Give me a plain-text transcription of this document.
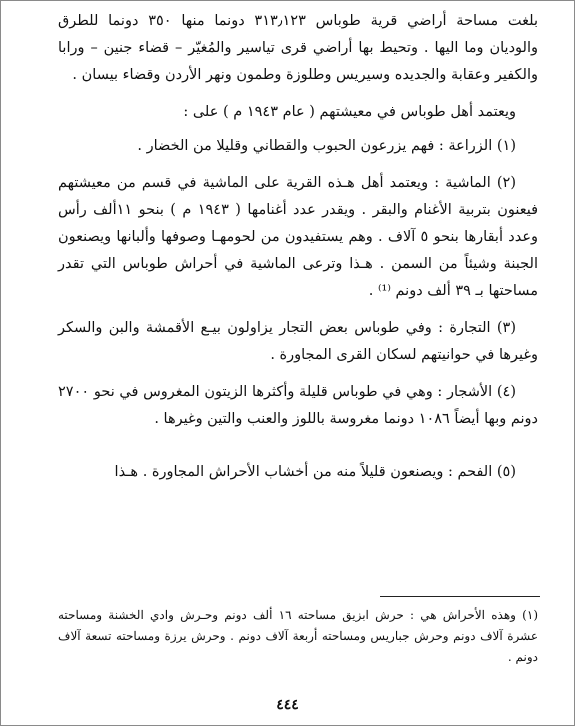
بلغت مساحة أراضي قرية طوباس ٣١٣٫١٢٣ دونما منها ٣٥٠ دونما للطرق والوديان وما اليها . وتحيط بها أراضي قرى تياسير والمُغيّر – قضاء جنين – ورابا والكفير وعقابة والجديده وسيريس وطلوزة وطمون ونهر الأردن وقضاء بيسان .

ويعتمد أهل طوباس في معيشتهم ( عام ١٩٤٣ م ) على :

(١) الزراعة : فهم يزرعون الحبوب والقطاني وقليلا من الخضار .

(٢) الماشية : ويعتمد أهل هـذه القرية على الماشية في قسم من معيشتهم فيعنون بتربية الأغنام والبقر . ويقدر عدد أغنامها ( ١٩٤٣ م ) بنحو ١١ألف رأس وعدد أبقارها بنحو ٥ آلاف . وهم يستفيدون من لحومهـا وصوفها وألبانها ويصنعون الجبنة وشيئاً من السمن . هـذا وترعى الماشية في أحراش طوباس التي تقدر مساحتها بـ ٣٩ ألف دونم ⁽¹⁾ .

(٣) التجارة : وفي طوباس بعض التجار يزاولون بيـع الأقمشة والبن والسكر وغيرها في حوانيتهم لسكان القرى المجاورة .

(٤) الأشجار : وهي في طوباس قليلة وأكثرها الزيتون المغروس في نحو ٢٧٠٠ دونم وبها أيضاً ١٠٨٦ دونما مغروسة باللوز والعنب والتين وغيرها .

(٥) الفحم : ويصنعون قليلاً منه من أخشاب الأحراش المجاورة . هـذا

(١) وهذه الأحراش هي : حرش ابزيق مساحته ١٦ ألف دونم وحـرش وادي الخشنة ومساحته عشرة آلاف دونم وحرش جباريس ومساحته أربعة آلاف دونم . وحرش يرزة ومساحته تسعة آلاف دونم .

٤٤٤
